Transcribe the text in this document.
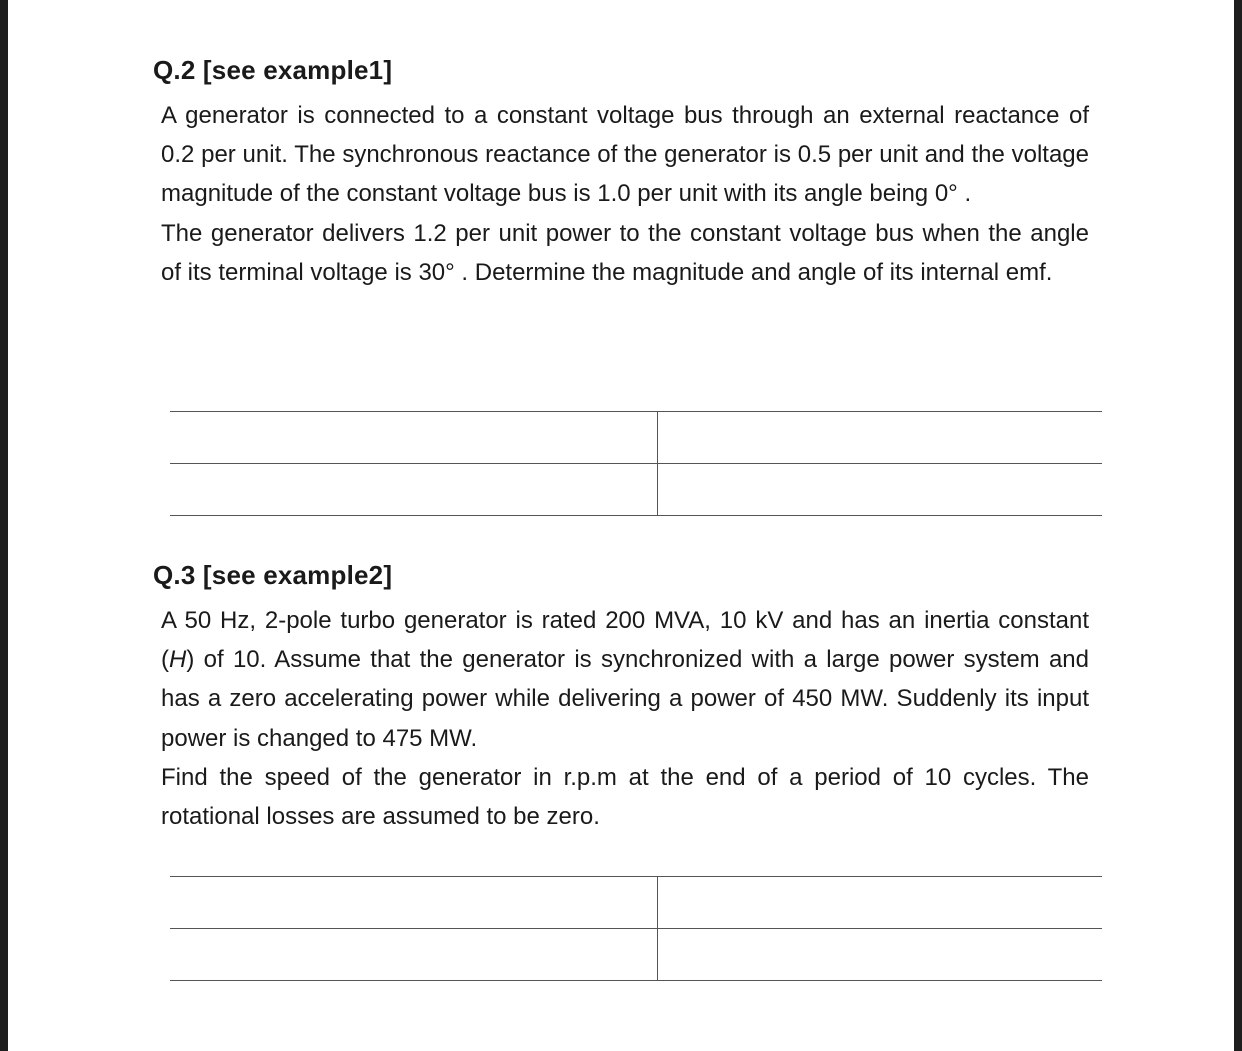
Q.2 [see example1]

A generator is connected to a constant voltage bus through an external reactance of 0.2 per unit. The synchronous reactance of the generator is 0.5 per unit and the voltage magnitude of the constant voltage bus is 1.0 per unit with its angle being 0° .

The generator delivers 1.2 per unit power to the constant voltage bus when the angle of its terminal voltage is 30° . Determine the magnitude and angle of its internal emf.

Q.3 [see example2]

A 50 Hz, 2-pole turbo generator is rated 200 MVA, 10 kV and has an inertia constant (H) of 10. Assume that the generator is synchronized with a large power system and has a zero accelerating power while delivering a power of 450 MW. Suddenly its input power is changed to 475 MW.

Find the speed of the generator in r.p.m at the end of a period of 10 cycles. The rotational losses are assumed to be zero.
